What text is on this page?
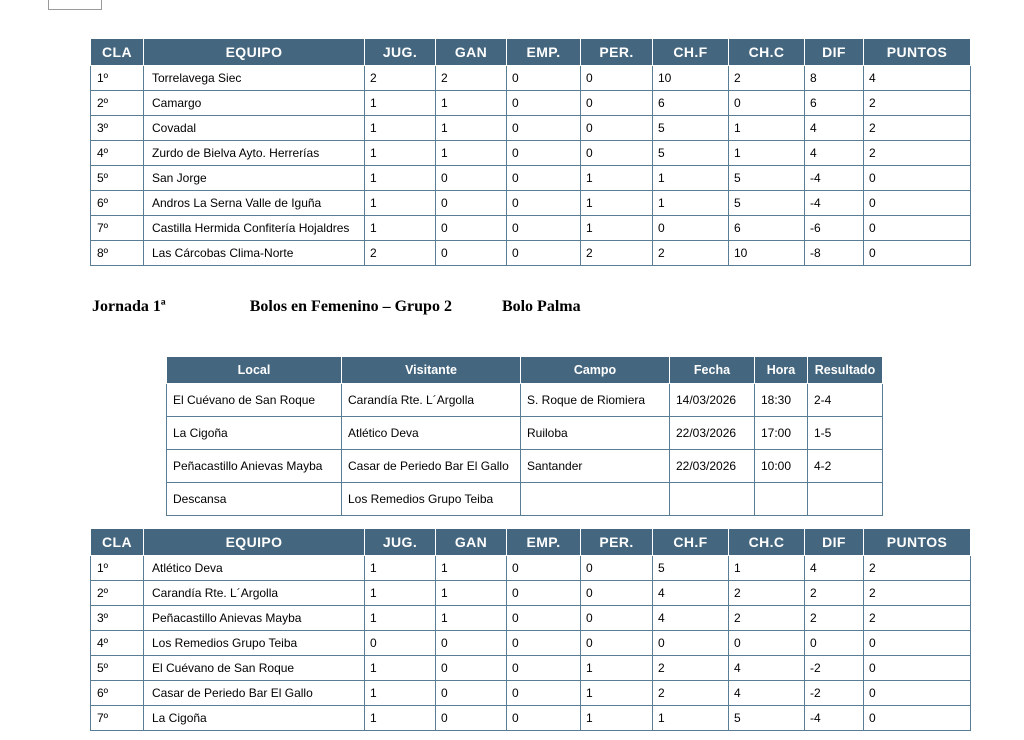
CLA	EQUIPO	JUG.	GAN	EMP.	PER.	CH.F	CH.C	DIF	PUNTOS
1º	Torrelavega Siec	2	2	0	0	10	2	8	4
2º	Camargo	1	1	0	0	6	0	6	2
3º	Covadal	1	1	0	0	5	1	4	2
4º	Zurdo de Bielva Ayto. Herrerías	1	1	0	0	5	1	4	2
5º	San Jorge	1	0	0	1	1	5	-4	0
6º	Andros La Serna Valle de Iguña	1	0	0	1	1	5	-4	0
7º	Castilla Hermida Confitería Hojaldres	1	0	0	1	0	6	-6	0
8º	Las Cárcobas Clima-Norte	2	0	0	2	2	10	-8	0
Jornada 1ª	Bolos en Femenino – Grupo 2	Bolo Palma
Local	Visitante	Campo	Fecha	Hora	Resultado
El Cuévano de San Roque	Carandía Rte. L´Argolla	S. Roque de Riomiera	14/03/2026	18:30	2-4
La Cigoña	Atlético Deva	Ruiloba	22/03/2026	17:00	1-5
Peñacastillo Anievas Mayba	Casar de Periedo Bar El Gallo	Santander	22/03/2026	10:00	4-2
Descansa	Los Remedios Grupo Teiba				
CLA	EQUIPO	JUG.	GAN	EMP.	PER.	CH.F	CH.C	DIF	PUNTOS
1º	Atlético Deva	1	1	0	0	5	1	4	2
2º	Carandía Rte. L´Argolla	1	1	0	0	4	2	2	2
3º	Peñacastillo Anievas Mayba	1	1	0	0	4	2	2	2
4º	Los Remedios Grupo Teiba	0	0	0	0	0	0	0	0
5º	El Cuévano de San Roque	1	0	0	1	2	4	-2	0
6º	Casar de Periedo Bar El Gallo	1	0	0	1	2	4	-2	0
7º	La Cigoña	1	0	0	1	1	5	-4	0
